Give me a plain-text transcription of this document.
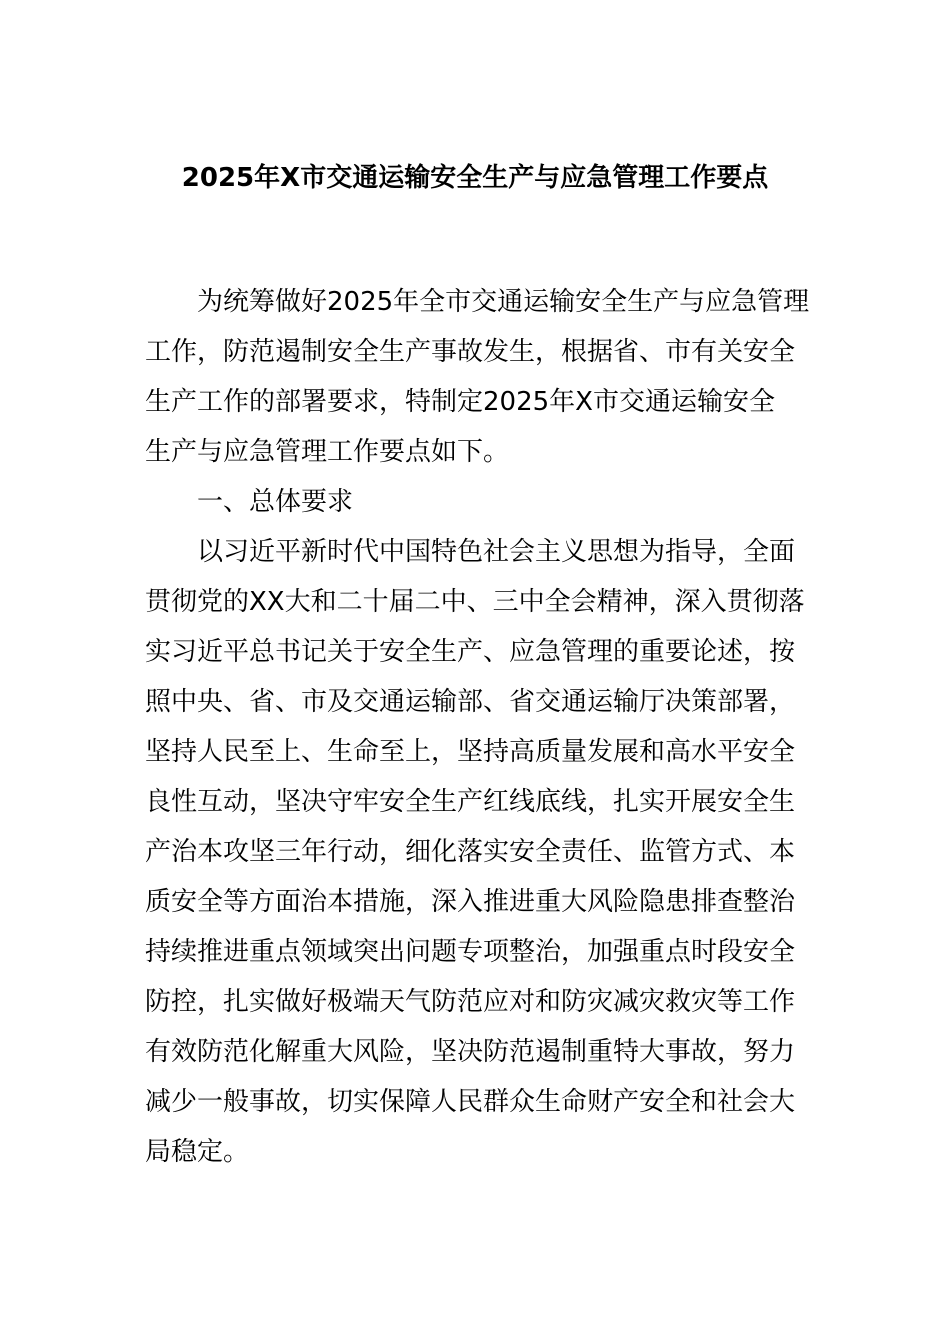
2025年X市交通运输安全生产与应急管理工作要点
为统筹做好2025年全市交通运输安全生产与应急管理
工作，防范遏制安全生产事故发生，根据省、市有关安全
生产工作的部署要求，特制定2025年X市交通运输安全
生产与应急管理工作要点如下。
一、总体要求
以习近平新时代中国特色社会主义思想为指导，全面
贯彻党的XX大和二十届二中、三中全会精神，深入贯彻落
实习近平总书记关于安全生产、应急管理的重要论述，按
照中央、省、市及交通运输部、省交通运输厅决策部署，
坚持人民至上、生命至上，坚持高质量发展和高水平安全
良性互动，坚决守牢安全生产红线底线，扎实开展安全生
产治本攻坚三年行动，细化落实安全责任、监管方式、本
质安全等方面治本措施，深入推进重大风险隐患排查整治
持续推进重点领域突出问题专项整治，加强重点时段安全
防控，扎实做好极端天气防范应对和防灾减灾救灾等工作
有效防范化解重大风险，坚决防范遏制重特大事故，努力
减少一般事故，切实保障人民群众生命财产安全和社会大
局稳定。
